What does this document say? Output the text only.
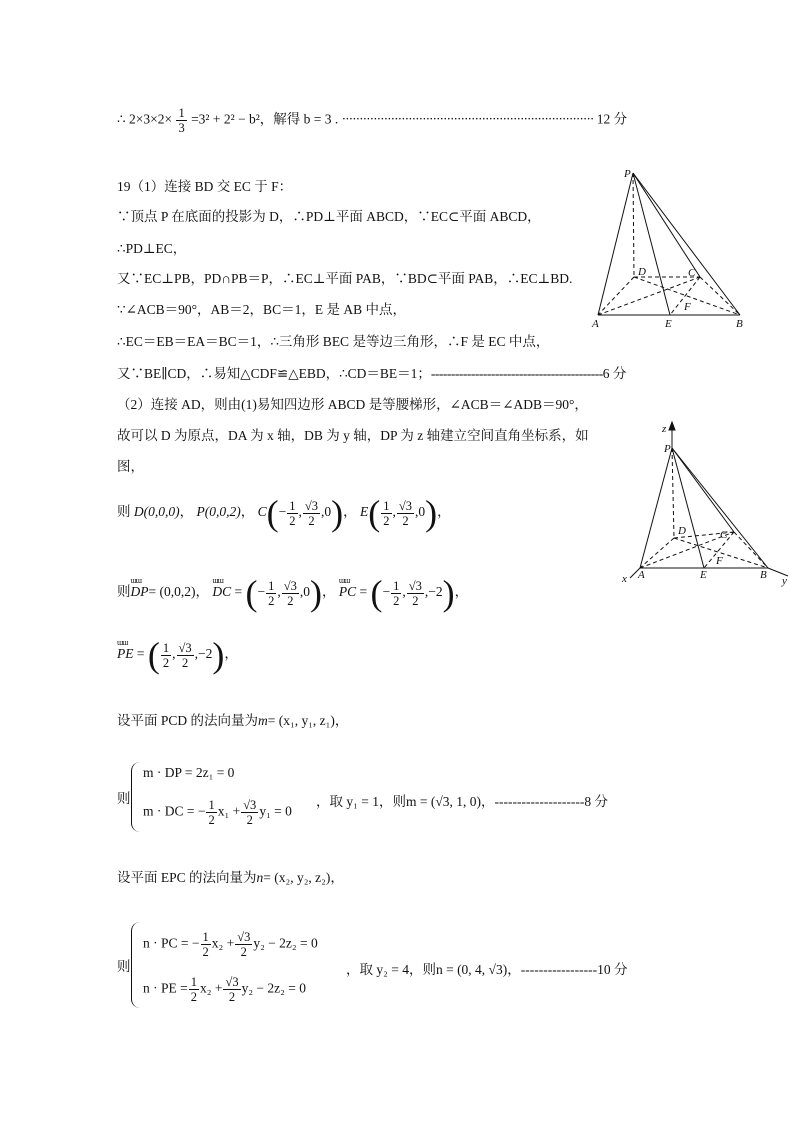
∴ $2\times 3\times 2\times \frac{1}{3} =3^2 + 2^2 - b^2$，解得 b = 3 . ········································································ 12 分
19（1）连接 BD 交 EC 于 F：
∵顶点 P 在底面的投影为 D，∴PD⊥平面 ABCD，∵EC⊂平面 ABCD，
∴PD⊥EC，
又∵EC⊥PB，PD∩PB＝P，∴EC⊥平面 PAB，∵BD⊂平面 PAB，∴EC⊥BD.
∵∠ACB＝90°，AB＝2，BC＝1，E 是 AB 中点，
∴EC＝EB＝EA＝BC＝1，∴三角形 BEC 是等边三角形，∴F 是 EC 中点，
又∵BE∥CD，∴易知△CDF≌△EBD，∴CD＝BE＝1；-------------------------------------------6 分
（2）连接 AD，则由(1)易知四边形 ABCD 是等腰梯形，∠ACB＝∠ADB＝90°，
故可以 D 为原点，DA 为 x 轴，DB 为 y 轴，DP 为 z 轴建立空间直角坐标系，如
图，
则 D(0,0,0)， P(0,0,2)， $C(- \frac{1}{2}$ , $\frac{√3}{2} ,0$)， $E( \frac{1}{2}$ , $\frac{√3}{2} ,0$)，
则ɯɯ DP= (0,0,2)， ɯɯ DC = (− $\frac{1}{2}$ , $\frac{√3}{2} ,0$)， ɯɯ PC = (− $\frac{1}{2}$ , $\frac{√3}{2} ,-2$)，
ɯɯ PE = ( $\frac{1}{2}$ , $\frac{√3}{2} ,-2$)，
设平面 PCD 的法向量为m= (x₁, y₁, z₁)，
则
m · DP = 2z₁ = 0
m · DC = − $\frac{1}{2} x_1 + \frac{√3}{2} y_1 = 0$
，取 y₁ = 1，则m = (√3, 1, 0)，--------------------8 分
设平面 EPC 的法向量为n= (x₂, y₂, z₂)，
则
n · PC = − $\frac{1}{2} x_2 + \frac{√3}{2} y_2 - 2z_2 = 0$
n · PE = $\frac{1}{2} x_2 + \frac{√3}{2} y_2 - 2z_2 = 0$
，取 y₂ = 4，则n = (0, 4, √3)，-----------------10 分
P
D	C
F
A	E	B
z
P
D	C
F
x A	E	B y
